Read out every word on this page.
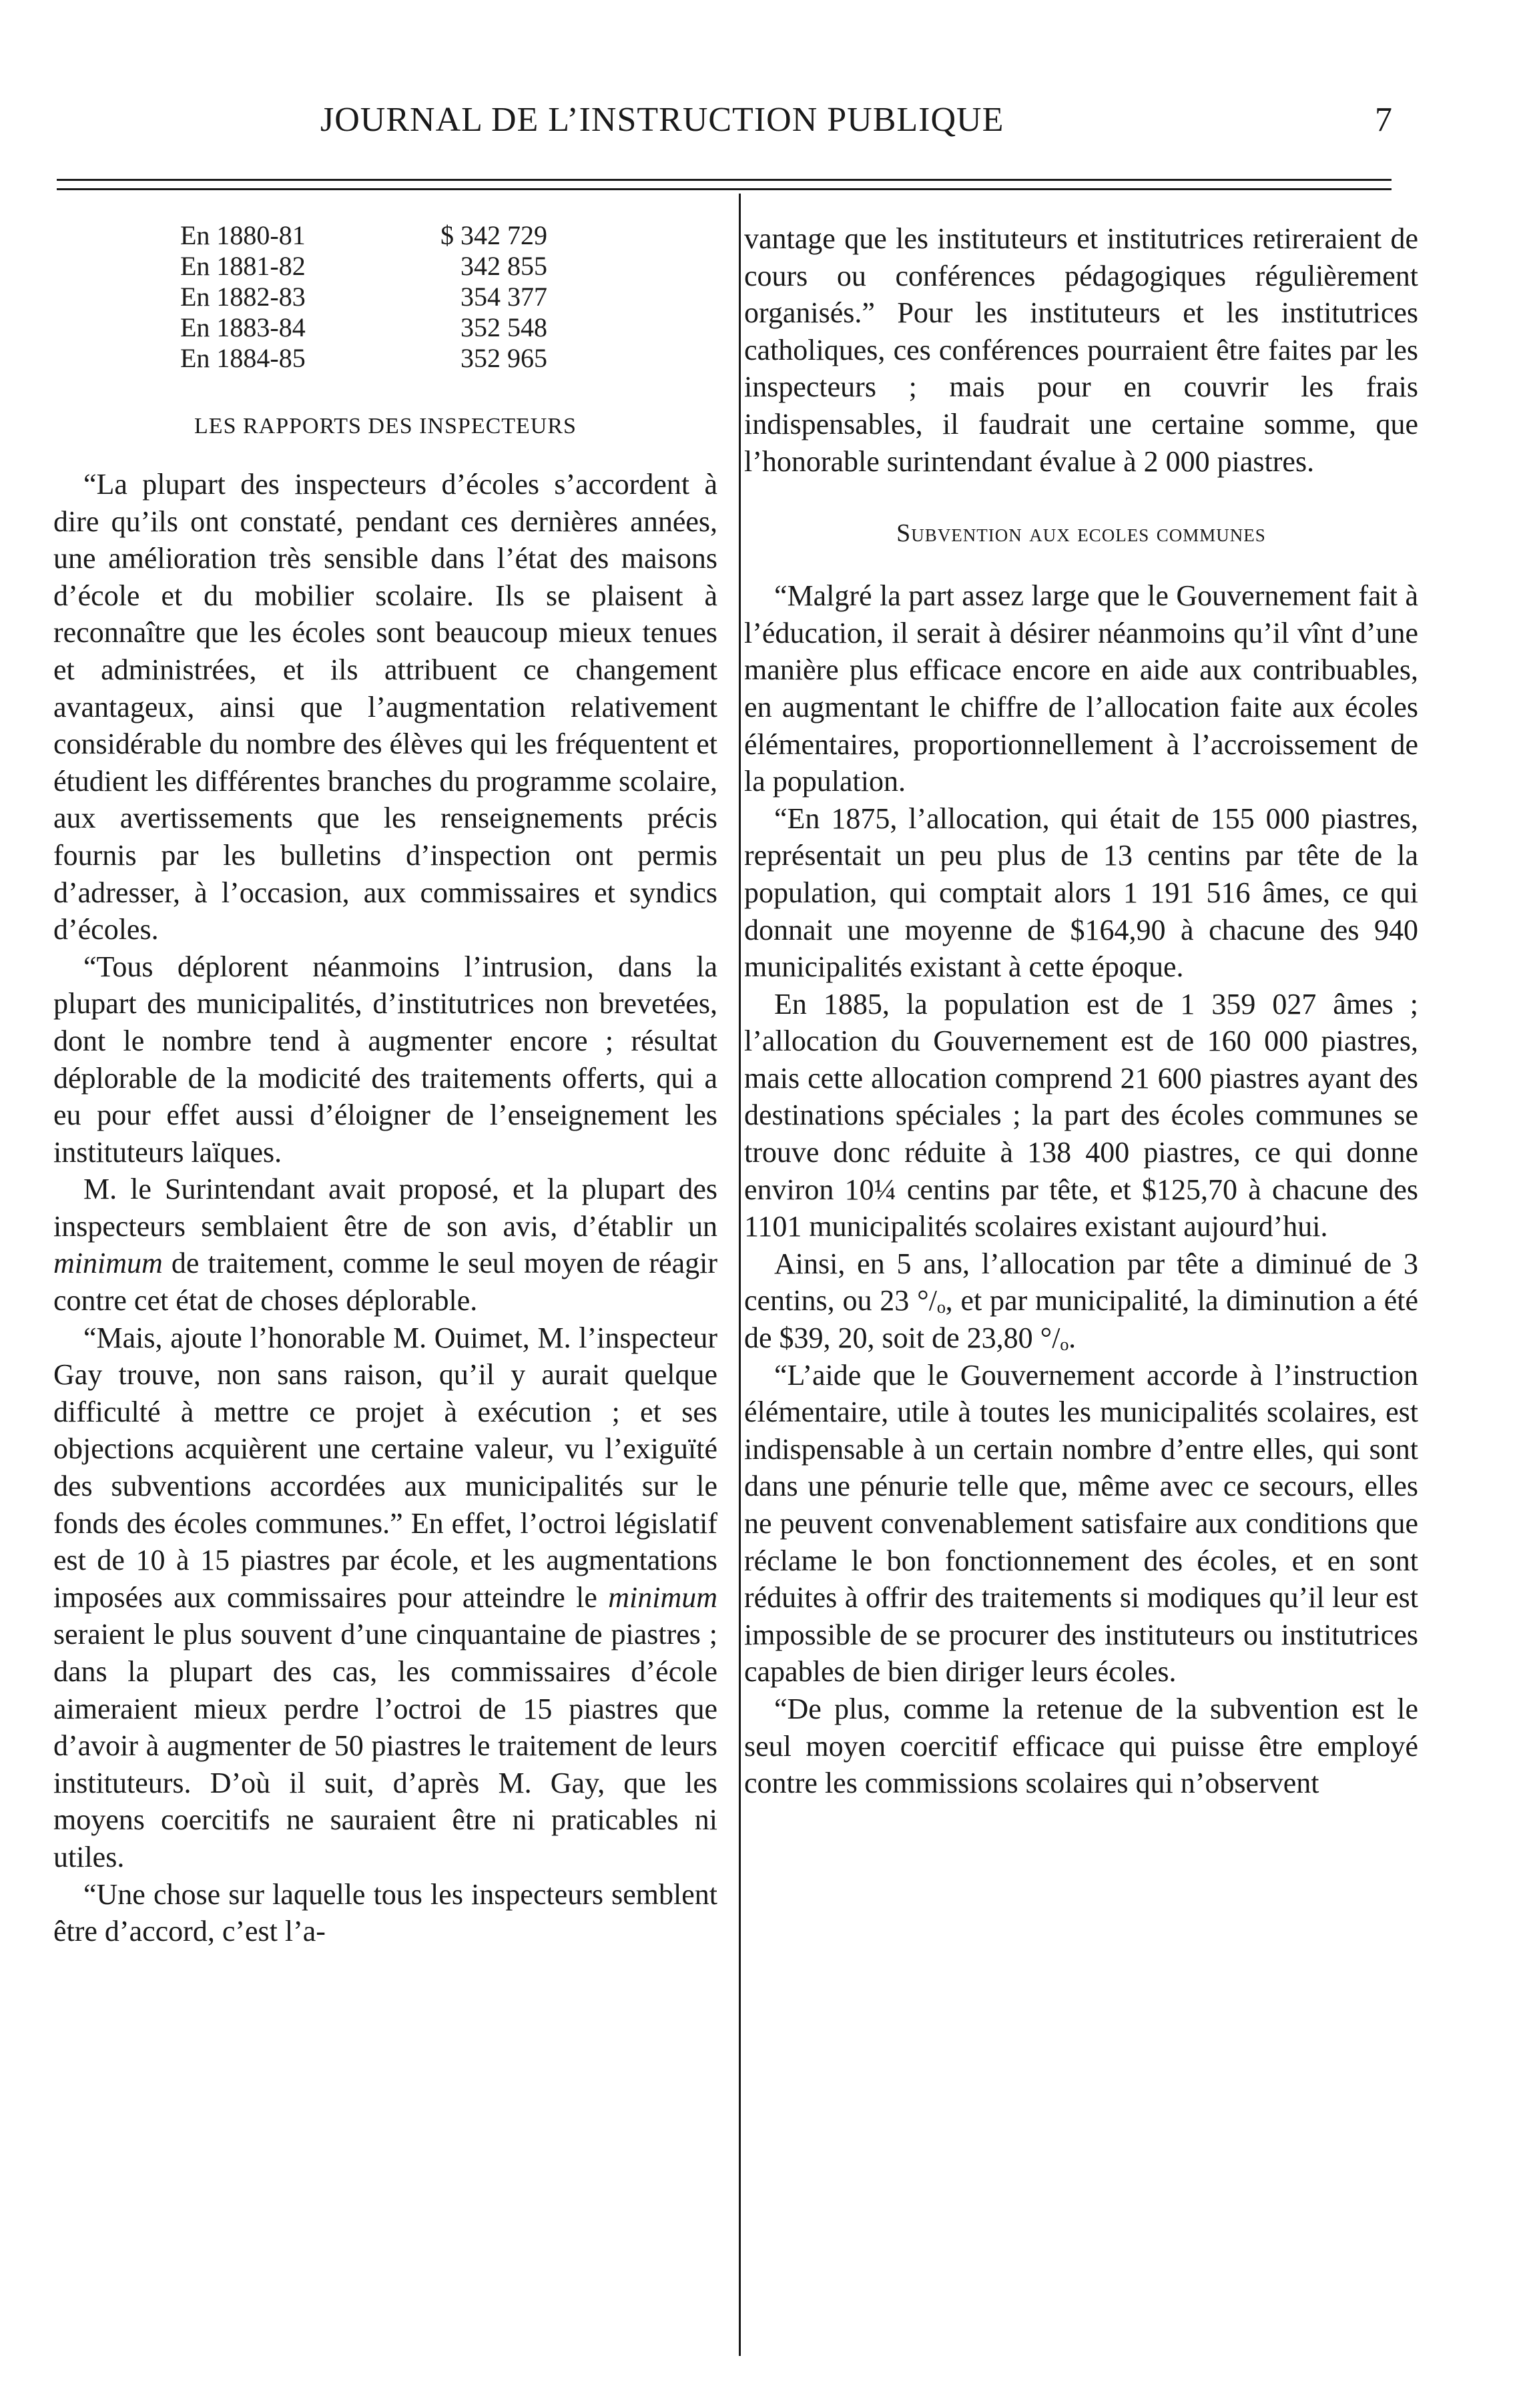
JOURNAL DE L’INSTRUCTION PUBLIQUE	7
En 1880-81	$ 342 729
En 1881-82	342 855
En 1882-83	354 377
En 1883-84	352 548
En 1884-85	352 965
LES RAPPORTS DES INSPECTEURS

“La plupart des inspecteurs d’écoles s’accordent à dire qu’ils ont constaté, pendant ces dernières années, une amélioration très sensible dans l’état des maisons d’école et du mobilier scolaire. Ils se plaisent à reconnaître que les écoles sont beaucoup mieux tenues et administrées, et ils attribuent ce changement avantageux, ainsi que l’augmentation relativement considérable du nombre des élèves qui les fréquentent et étudient les différentes branches du programme scolaire, aux avertissements que les renseignements précis fournis par les bulletins d’inspection ont permis d’adresser, à l’occasion, aux commissaires et syndics d’écoles.

“Tous déplorent néanmoins l’intrusion, dans la plupart des municipalités, d’institutrices non brevetées, dont le nombre tend à augmenter encore ; résultat déplorable de la modicité des traitements offerts, qui a eu pour effet aussi d’éloigner de l’enseignement les instituteurs laïques.

M. le Surintendant avait proposé, et la plupart des inspecteurs semblaient être de son avis, d’établir un minimum de traitement, comme le seul moyen de réagir contre cet état de choses déplorable.

“Mais, ajoute l’honorable M. Ouimet, M. l’inspecteur Gay trouve, non sans raison, qu’il y aurait quelque difficulté à mettre ce projet à exécution ; et ses objections acquièrent une certaine valeur, vu l’exiguïté des subventions accordées aux municipalités sur le fonds des écoles communes.” En effet, l’octroi législatif est de 10 à 15 piastres par école, et les augmentations imposées aux commissaires pour atteindre le minimum seraient le plus souvent d’une cinquantaine de piastres ; dans la plupart des cas, les commissaires d’école aimeraient mieux perdre l’octroi de 15 piastres que d’avoir à augmenter de 50 piastres le traitement de leurs instituteurs. D’où il suit, d’après M. Gay, que les moyens coercitifs ne sauraient être ni praticables ni utiles.

“Une chose sur laquelle tous les inspecteurs semblent être d’accord, c’est l’a-

vantage que les instituteurs et institutrices retireraient de cours ou conférences pédagogiques régulièrement organisés.” Pour les instituteurs et les institutrices catholiques, ces conférences pourraient être faites par les inspecteurs ; mais pour en couvrir les frais indispensables, il faudrait une certaine somme, que l’honorable surintendant évalue à 2 000 piastres.

Subvention aux ecoles communes

“Malgré la part assez large que le Gouvernement fait à l’éducation, il serait à désirer néanmoins qu’il vînt d’une manière plus efficace encore en aide aux contribuables, en augmentant le chiffre de l’allocation faite aux écoles élémentaires, proportionnellement à l’accroissement de la population.

“En 1875, l’allocation, qui était de 155 000 piastres, représentait un peu plus de 13 centins par tête de la population, qui comptait alors 1 191 516 âmes, ce qui donnait une moyenne de $164,90 à chacune des 940 municipalités existant à cette époque.

En 1885, la population est de 1 359 027 âmes ; l’allocation du Gouvernement est de 160 000 piastres, mais cette allocation comprend 21 600 piastres ayant des destinations spéciales ; la part des écoles communes se trouve donc réduite à 138 400 piastres, ce qui donne environ 10¼ centins par tête, et $125,70 à chacune des 1101 municipalités scolaires existant aujourd’hui.

Ainsi, en 5 ans, l’allocation par tête a diminué de 3 centins, ou 23 °/ₒ, et par municipalité, la diminution a été de $39, 20, soit de 23,80 °/ₒ.

“L’aide que le Gouvernement accorde à l’instruction élémentaire, utile à toutes les municipalités scolaires, est indispensable à un certain nombre d’entre elles, qui sont dans une pénurie telle que, même avec ce secours, elles ne peuvent convenablement satisfaire aux conditions que réclame le bon fonctionnement des écoles, et en sont réduites à offrir des traitements si modiques qu’il leur est impossible de se procurer des instituteurs ou institutrices capables de bien diriger leurs écoles.

“De plus, comme la retenue de la subvention est le seul moyen coercitif efficace qui puisse être employé contre les commissions scolaires qui n’observent
